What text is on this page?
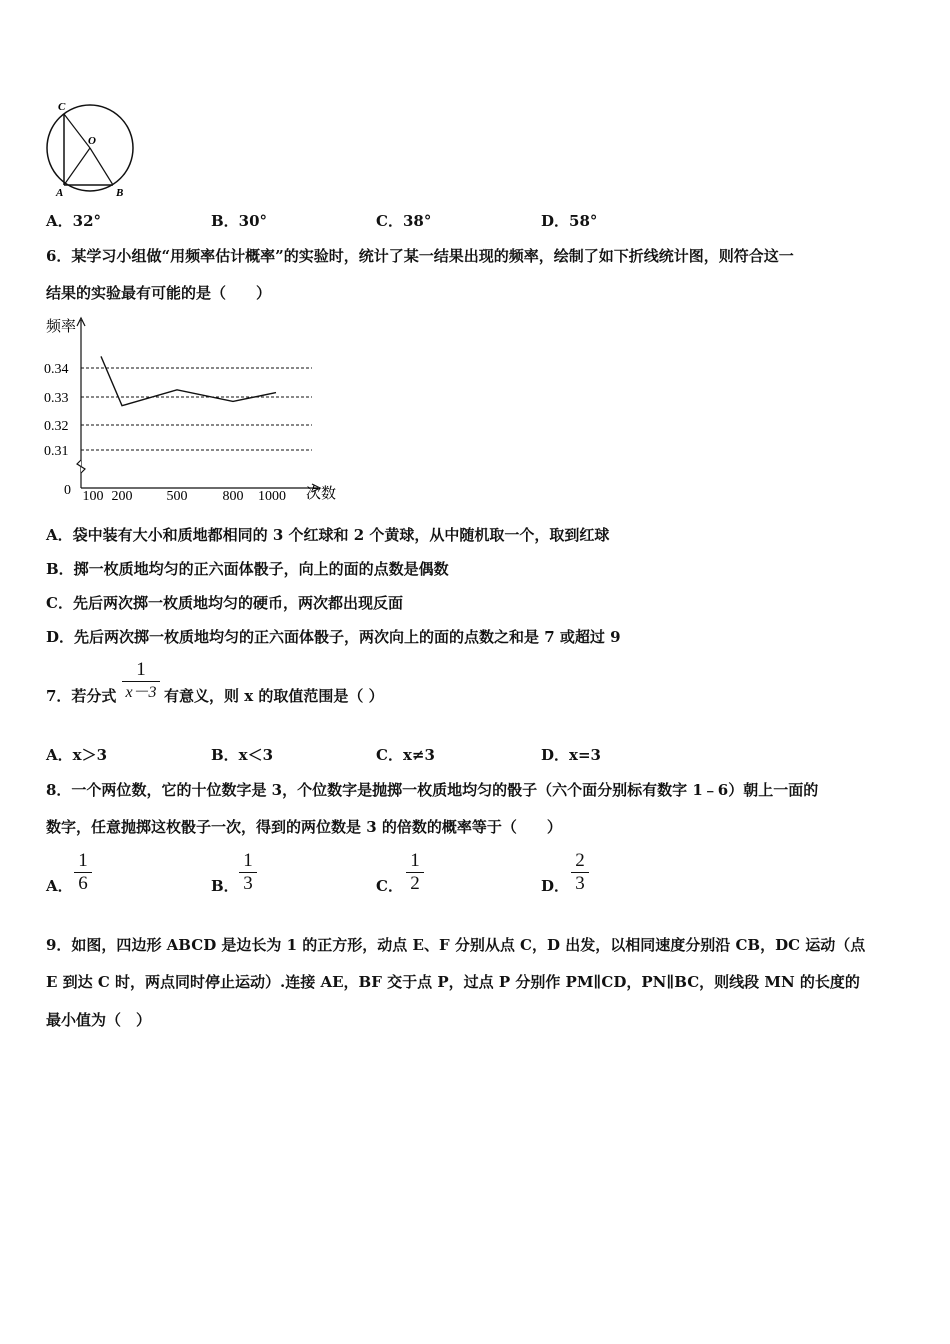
C
O
A	B
A．32°	B．30°	C．38°	D．58°
6．某学习小组做“用频率估计概率”的实验时，统计了某一结果出现的频率，绘制了如下折线统计图，则符合这一
结果的实验最有可能的是（　　）
频率
次数
0
0.34
0.33
0.32
0.31
100 200 500	800 1000
A．袋中装有大小和质地都相同的 3 个红球和 2 个黄球，从中随机取一个，取到红球
B．掷一枚质地均匀的正六面体骰子，向上的面的点数是偶数
C．先后两次掷一枚质地均匀的硬币，两次都出现反面
D．先后两次掷一枚质地均匀的正六面体骰子，两次向上的面的点数之和是 7 或超过 9
7．若分式
1
x－3 有意义，则 x 的取值范围是（ ）
A．x＞3	B．x＜3	C．x≠3	D．x=3
8．一个两位数，它的十位数字是 3，个位数字是抛掷一枚质地均匀的骰子（六个面分别标有数字 1﹣6）朝上一面的
数字，任意抛掷这枚骰子一次，得到的两位数是 3 的倍数的概率等于（　　）
A．
1
6	B．
1
3	C．
1
2	D．
2
3
9．如图，四边形 ABCD 是边长为 1 的正方形，动点 E、F 分别从点 C，D 出发，以相同速度分别沿 CB，DC 运动（点
E 到达 C 时，两点同时停止运动）.连接 AE，BF 交于点 P，过点 P 分别作 PM∥CD，PN∥BC，则线段 MN 的长度的
最小值为（　）
